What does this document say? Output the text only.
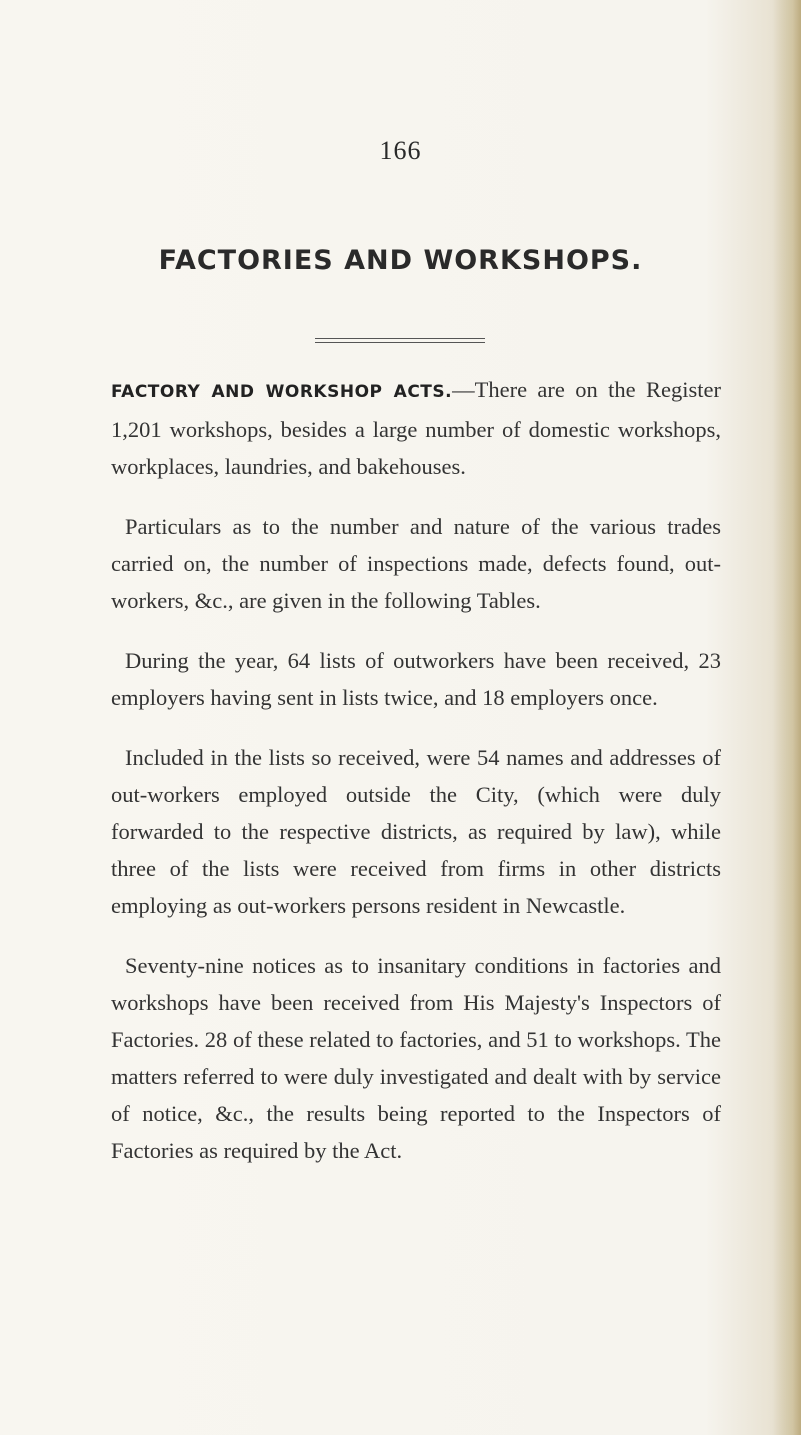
166
FACTORIES AND WORKSHOPS.

FACTORY AND WORKSHOP ACTS.—There are on the Register 1,201 workshops, besides a large number of domestic workshops, workplaces, laundries, and bakehouses.

Particulars as to the number and nature of the various trades carried on, the number of inspections made, defects found, out-workers, &c., are given in the following Tables.

During the year, 64 lists of outworkers have been received, 23 employers having sent in lists twice, and 18 employers once.

Included in the lists so received, were 54 names and addresses of out-workers employed outside the City, (which were duly forwarded to the respective districts, as required by law), while three of the lists were received from firms in other districts employing as out-workers persons resident in Newcastle.

Seventy-nine notices as to insanitary conditions in factories and workshops have been received from His Majesty's Inspectors of Factories. 28 of these related to factories, and 51 to workshops. The matters referred to were duly investigated and dealt with by service of notice, &c., the results being reported to the Inspectors of Factories as required by the Act.
